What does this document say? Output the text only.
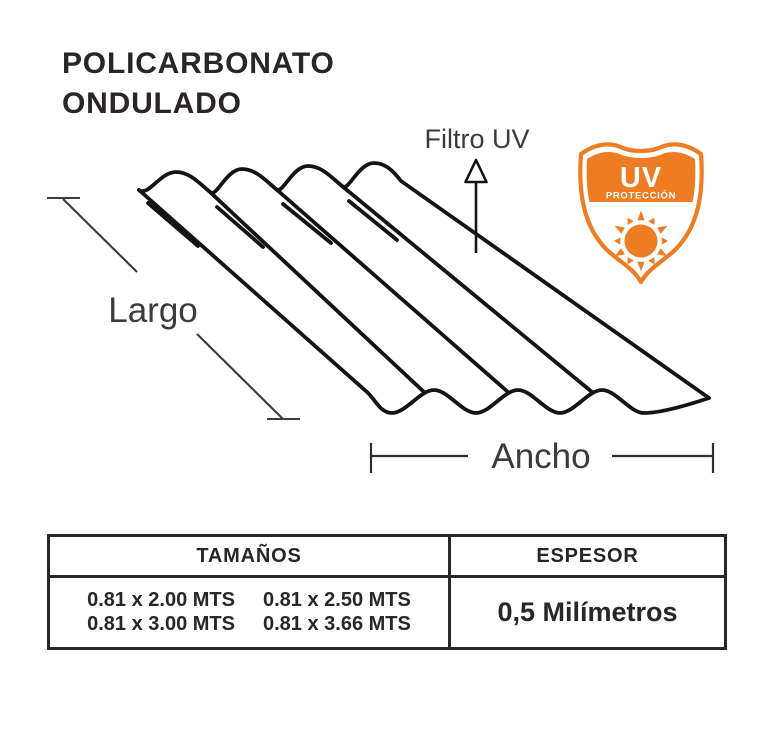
POLICARBONATO
ONDULADO
Largo
Ancho
Filtro UV
UV
PROTECCIÓN
TAMAÑOS	ESPESOR
0.81 x 2.00 MTS 0.81 x 2.50 MTS
0.81 x 3.00 MTS 0.81 x 3.66 MTS	0,5 Milímetros
